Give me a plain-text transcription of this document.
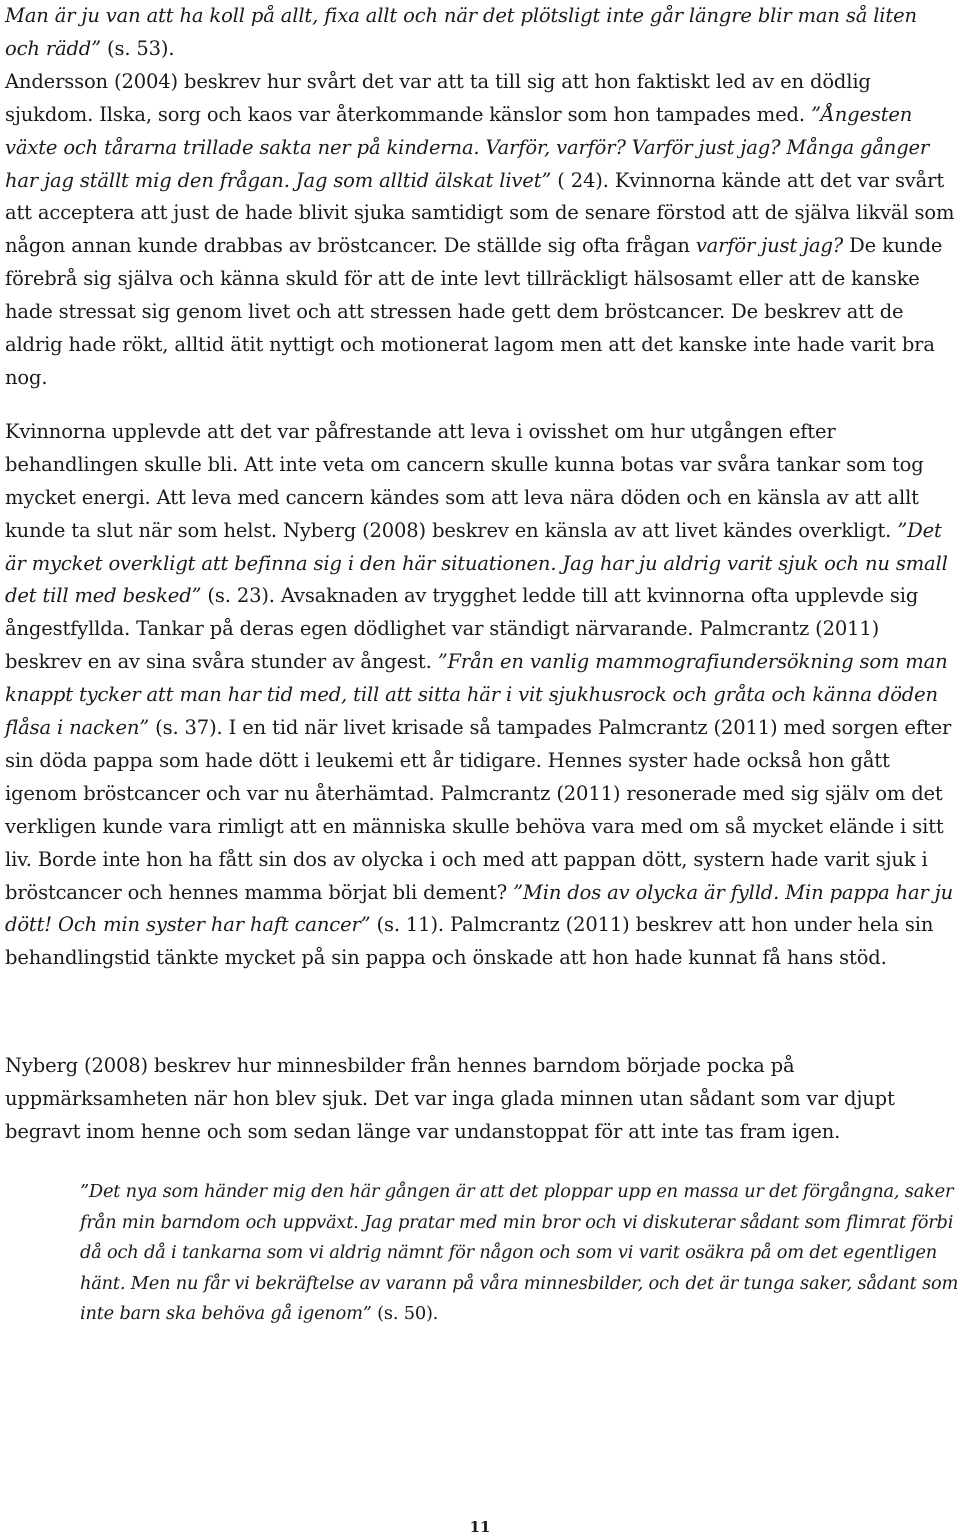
Man är ju van att ha koll på allt, fixa allt och när det plötsligt inte går längre blir man så liten och rädd” (s. 53).
Andersson (2004) beskrev hur svårt det var att ta till sig att hon faktiskt led av en dödlig sjukdom. Ilska, sorg och kaos var återkommande känslor som hon tampades med. ”Ångesten växte och tårarna trillade sakta ner på kinderna. Varför, varför? Varför just jag? Många gånger har jag ställt mig den frågan. Jag som alltid älskat livet” ( 24). Kvinnorna kände att det var svårt att acceptera att just de hade blivit sjuka samtidigt som de senare förstod att de själva likväl som någon annan kunde drabbas av bröstcancer. De ställde sig ofta frågan varför just jag? De kunde förebrå sig själva och känna skuld för att de inte levt tillräckligt hälsosamt eller att de kanske hade stressat sig genom livet och att stressen hade gett dem bröstcancer. De beskrev att de aldrig hade rökt, alltid ätit nyttigt och motionerat lagom men att det kanske inte hade varit bra nog.

Kvinnorna upplevde att det var påfrestande att leva i ovisshet om hur utgången efter behandlingen skulle bli. Att inte veta om cancern skulle kunna botas var svåra tankar som tog mycket energi. Att leva med cancern kändes som att leva nära döden och en känsla av att allt kunde ta slut när som helst. Nyberg (2008) beskrev en känsla av att livet kändes overkligt. ”Det är mycket overkligt att befinna sig i den här situationen. Jag har ju aldrig varit sjuk och nu small det till med besked” (s. 23). Avsaknaden av trygghet ledde till att kvinnorna ofta upplevde sig ångestfyllda. Tankar på deras egen dödlighet var ständigt närvarande. Palmcrantz (2011) beskrev en av sina svåra stunder av ångest. ”Från en vanlig mammografiundersökning som man knappt tycker att man har tid med, till att sitta här i vit sjukhusrock och gråta och känna döden flåsa i nacken” (s. 37). I en tid när livet krisade så tampades Palmcrantz (2011) med sorgen efter sin döda pappa som hade dött i leukemi ett år tidigare. Hennes syster hade också hon gått igenom bröstcancer och var nu återhämtad. Palmcrantz (2011) resonerade med sig själv om det verkligen kunde vara rimligt att en människa skulle behöva vara med om så mycket elände i sitt liv. Borde inte hon ha fått sin dos av olycka i och med att pappan dött, systern hade varit sjuk i bröstcancer och hennes mamma börjat bli dement? ”Min dos av olycka är fylld. Min pappa har ju dött! Och min syster har haft cancer” (s. 11). Palmcrantz (2011) beskrev att hon under hela sin behandlingstid tänkte mycket på sin pappa och önskade att hon hade kunnat få hans stöd.

Nyberg (2008) beskrev hur minnesbilder från hennes barndom började pocka på uppmärksamheten när hon blev sjuk. Det var inga glada minnen utan sådant som var djupt begravt inom henne och som sedan länge var undanstoppat för att inte tas fram igen.

”Det nya som händer mig den här gången är att det ploppar upp en massa ur det förgångna, saker från min barndom och uppväxt. Jag pratar med min bror och vi diskuterar sådant som flimrat förbi då och då i tankarna som vi aldrig nämnt för någon och som vi varit osäkra på om det egentligen hänt. Men nu får vi bekräftelse av varann på våra minnesbilder, och det är tunga saker, sådant som inte barn ska behöva gå igenom” (s. 50).

11
